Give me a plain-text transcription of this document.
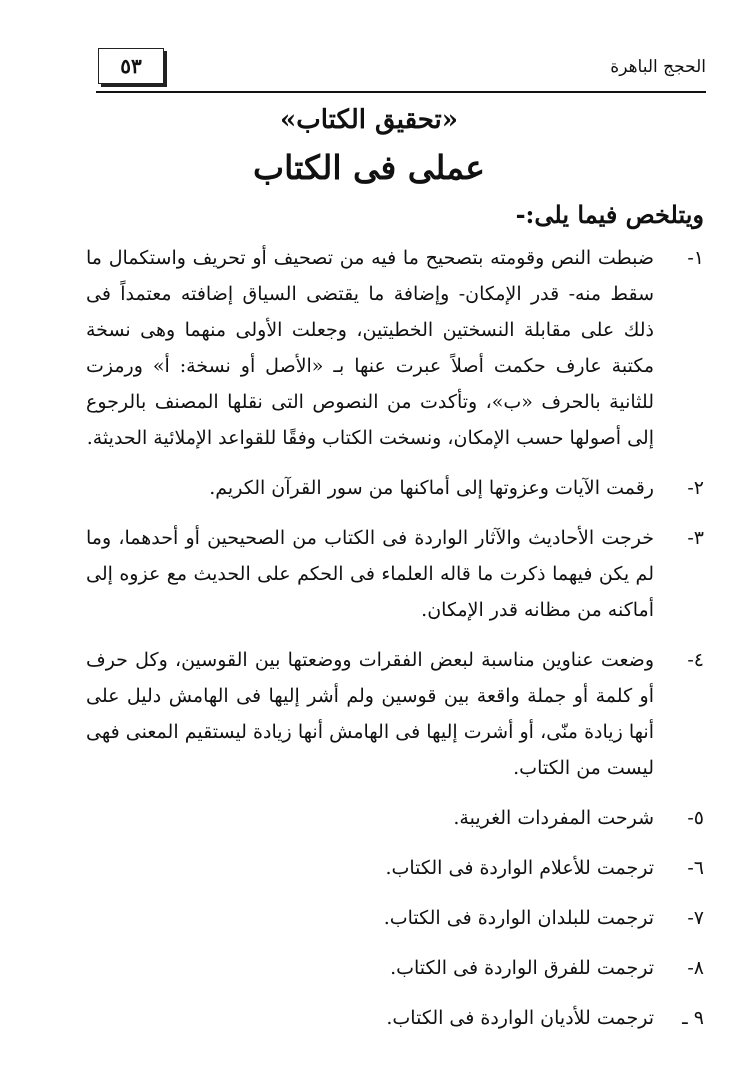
الحجج الباهرة
٥٣
«تحقيق الكتاب»
عملى فى الكتاب
ويتلخص فيما يلى:-
١-
ضبطت النص وقومته بتصحيح ما فيه من تصحيف أو تحريف واستكمال ما سقط منه- قدر الإمكان- وإضافة ما يقتضى السياق إضافته معتمداً فى ذلك على مقابلة النسختين الخطيتين، وجعلت الأولى منهما وهى نسخة مكتبة عارف حكمت أصلاً عبرت عنها بـ «الأصل أو نسخة: أ» ورمزت للثانية بالحرف «ب»، وتأكدت من النصوص التى نقلها المصنف بالرجوع إلى أصولها حسب الإمكان، ونسخت الكتاب وفقًا للقواعد الإملائية الحديثة.
٢-
رقمت الآيات وعزوتها إلى أماكنها من سور القرآن الكريم.
٣-
خرجت الأحاديث والآثار الواردة فى الكتاب من الصحيحين أو أحدهما، وما لم يكن فيهما ذكرت ما قاله العلماء فى الحكم على الحديث مع عزوه إلى أماكنه من مظانه قدر الإمكان.
٤-
وضعت عناوين مناسبة لبعض الفقرات ووضعتها بين القوسين، وكل حرف أو كلمة أو جملة واقعة بين قوسين ولم أشر إليها فى الهامش دليل على أنها زيادة منّى، أو أشرت إليها فى الهامش أنها زيادة ليستقيم المعنى فهى ليست من الكتاب.
٥-
شرحت المفردات الغريبة.
٦-
ترجمت للأعلام الواردة فى الكتاب.
٧-
ترجمت للبلدان الواردة فى الكتاب.
٨-
ترجمت للفرق الواردة فى الكتاب.
٩ ـ
ترجمت للأديان الواردة فى الكتاب.
